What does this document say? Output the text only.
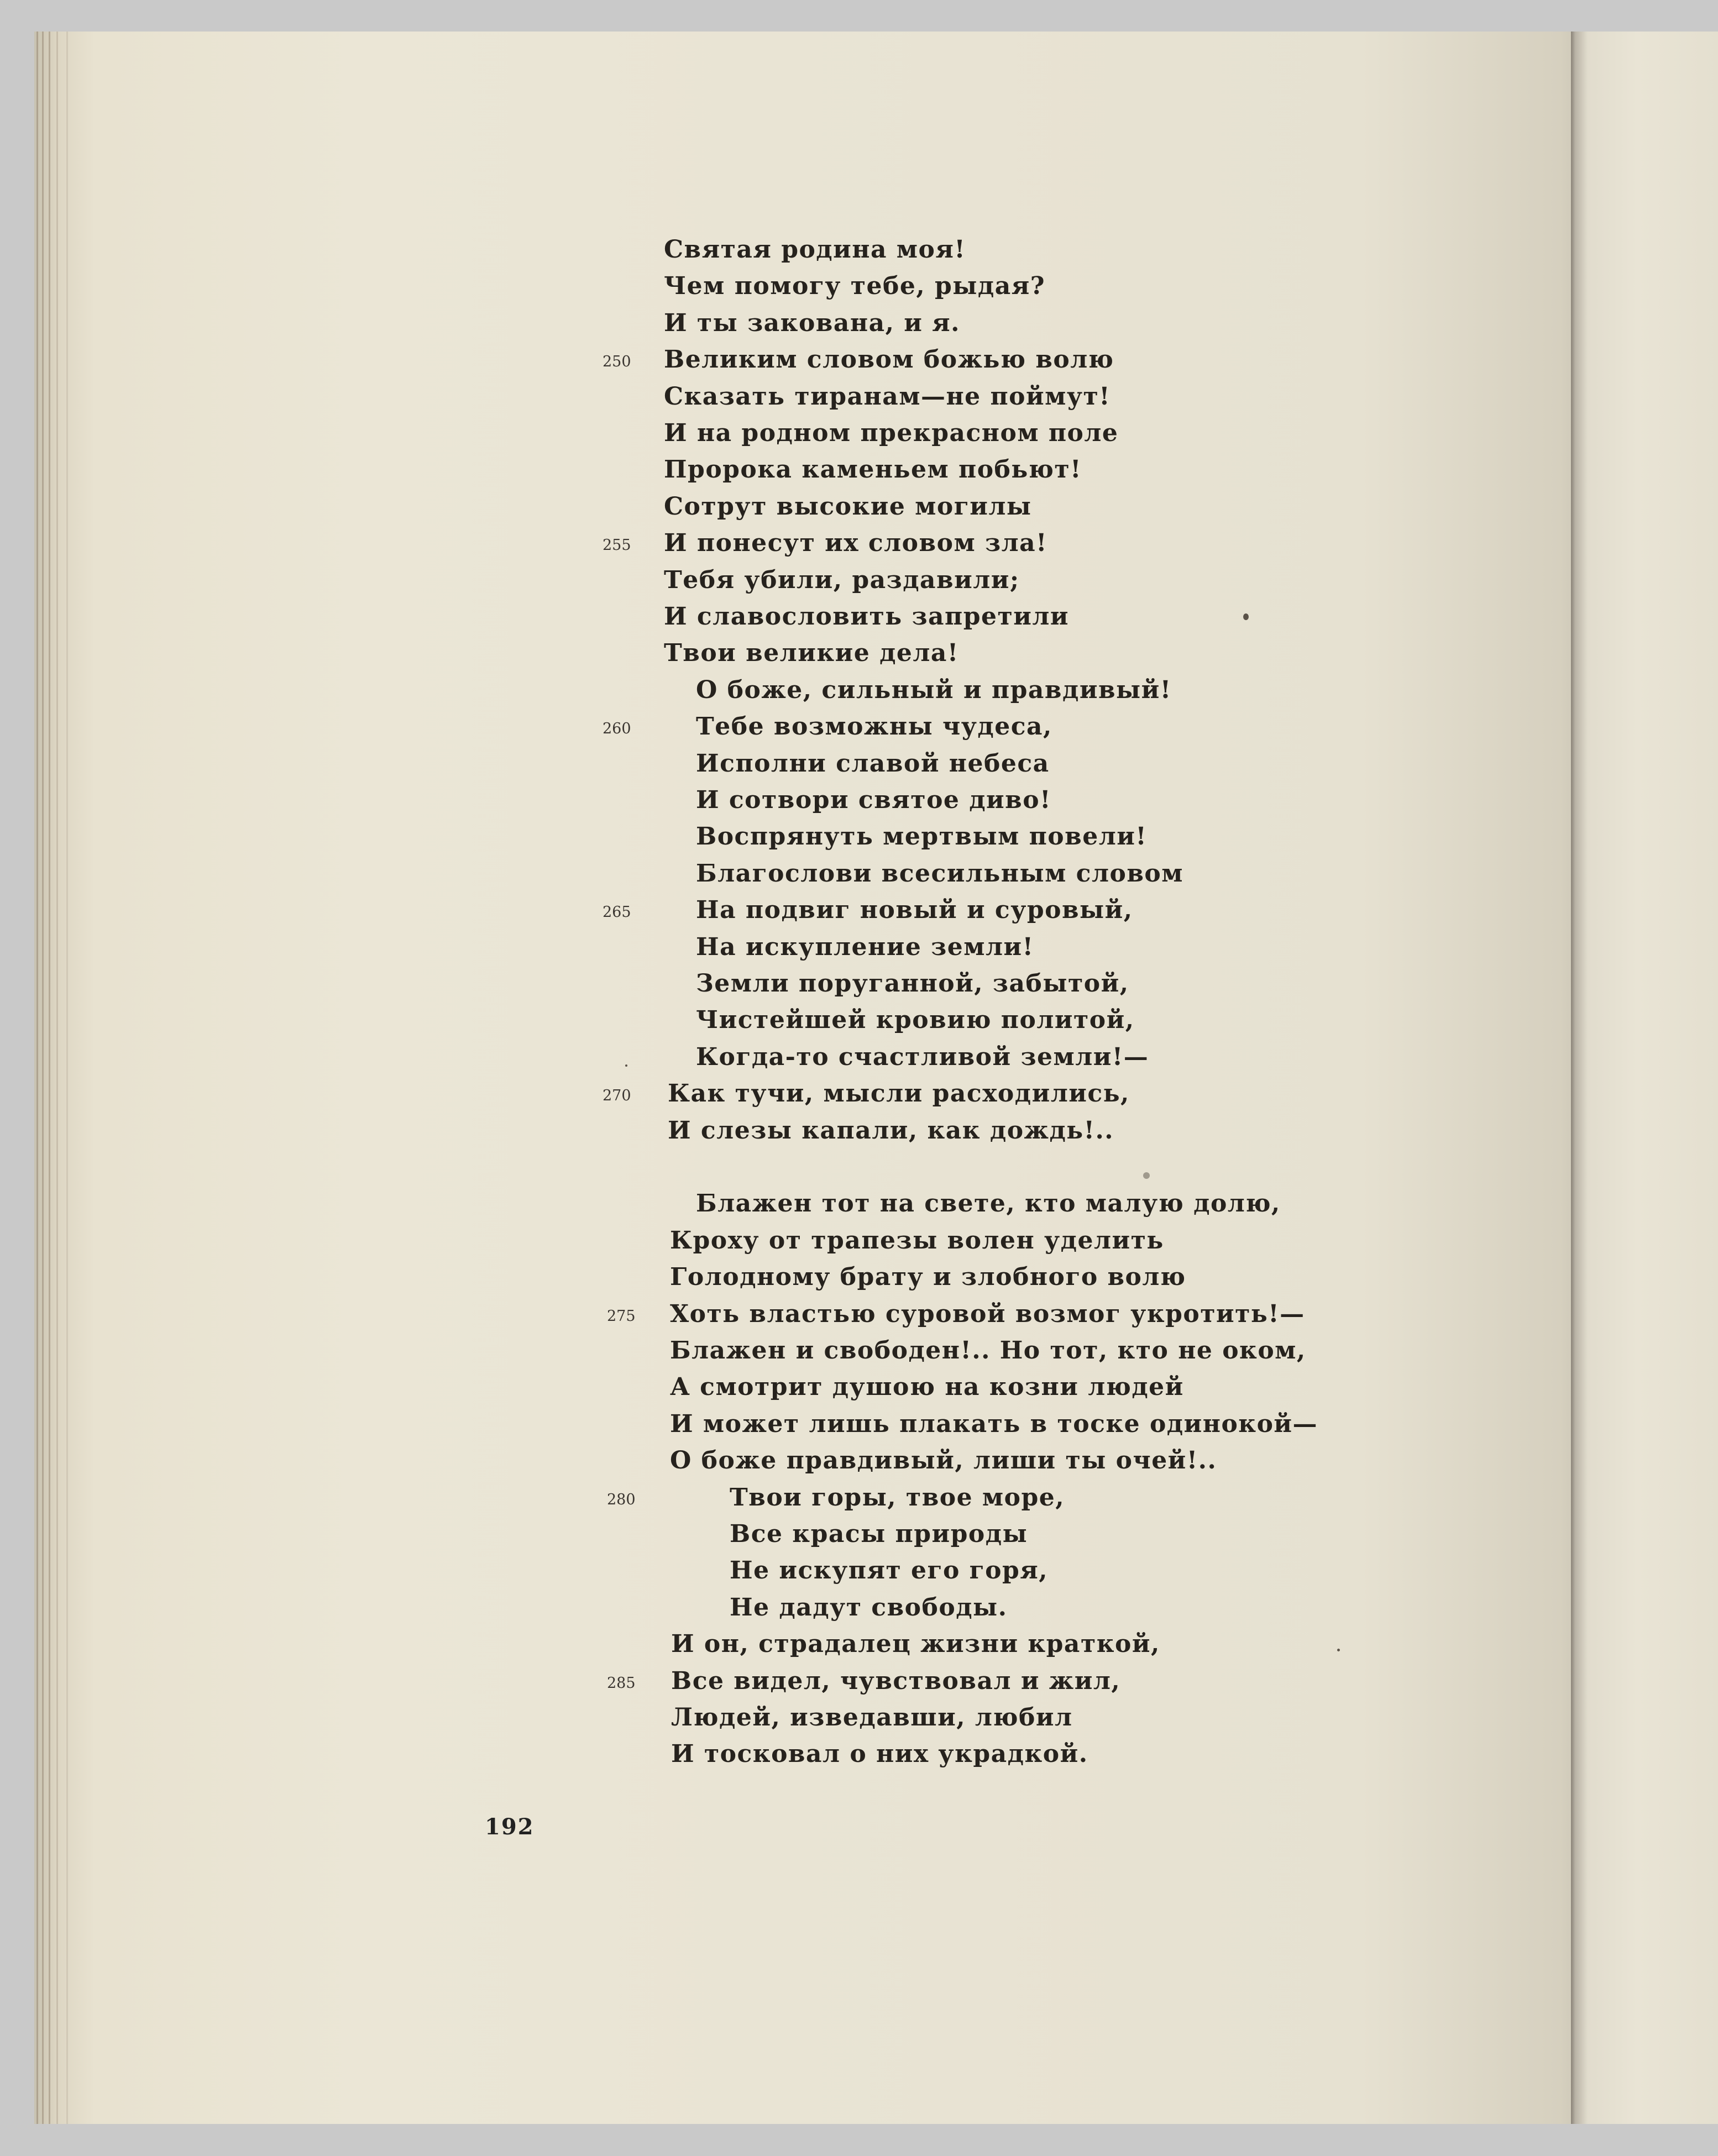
Святая родина моя!
Чем помогу тебе, рыдая?
И ты закована, и я.
Великим словом божью волю
250
Сказать тиранам—не поймут!
И на родном прекрасном поле
Пророка каменьем побьют!
Сотрут высокие могилы
И понесут их словом зла!
255
Тебя убили, раздавили;
И славословить запретили
Твои великие дела!
О боже, сильный и правдивый!
Тебе возможны чудеса,
260
Исполни славой небеса
И сотвори святое диво!
Воспрянуть мертвым повели!
Благослови всесильным словом
На подвиг новый и суровый,
265
На искупление земли!
Земли поруганной, забытой,
Чистейшей кровию политой,
Когда-то счастливой земли!—
Как тучи, мысли расходились,
270
И слезы капали, как дождь!..
Блажен тот на свете, кто малую долю,
Кроху от трапезы волен уделить
Голодному брату и злобного волю
Хоть властью суровой возмог укротить!—
275
Блажен и свободен!.. Но тот, кто не оком,
А смотрит душою на козни людей
И может лишь плакать в тоске одинокой—
О боже правдивый, лиши ты очей!..
Твои горы, твое море,
280
Все красы природы
Не искупят его горя,
Не дадут свободы.
И он, страдалец жизни краткой,
Все видел, чувствовал и жил,
285
Людей, изведавши, любил
И тосковал о них украдкой.
192
